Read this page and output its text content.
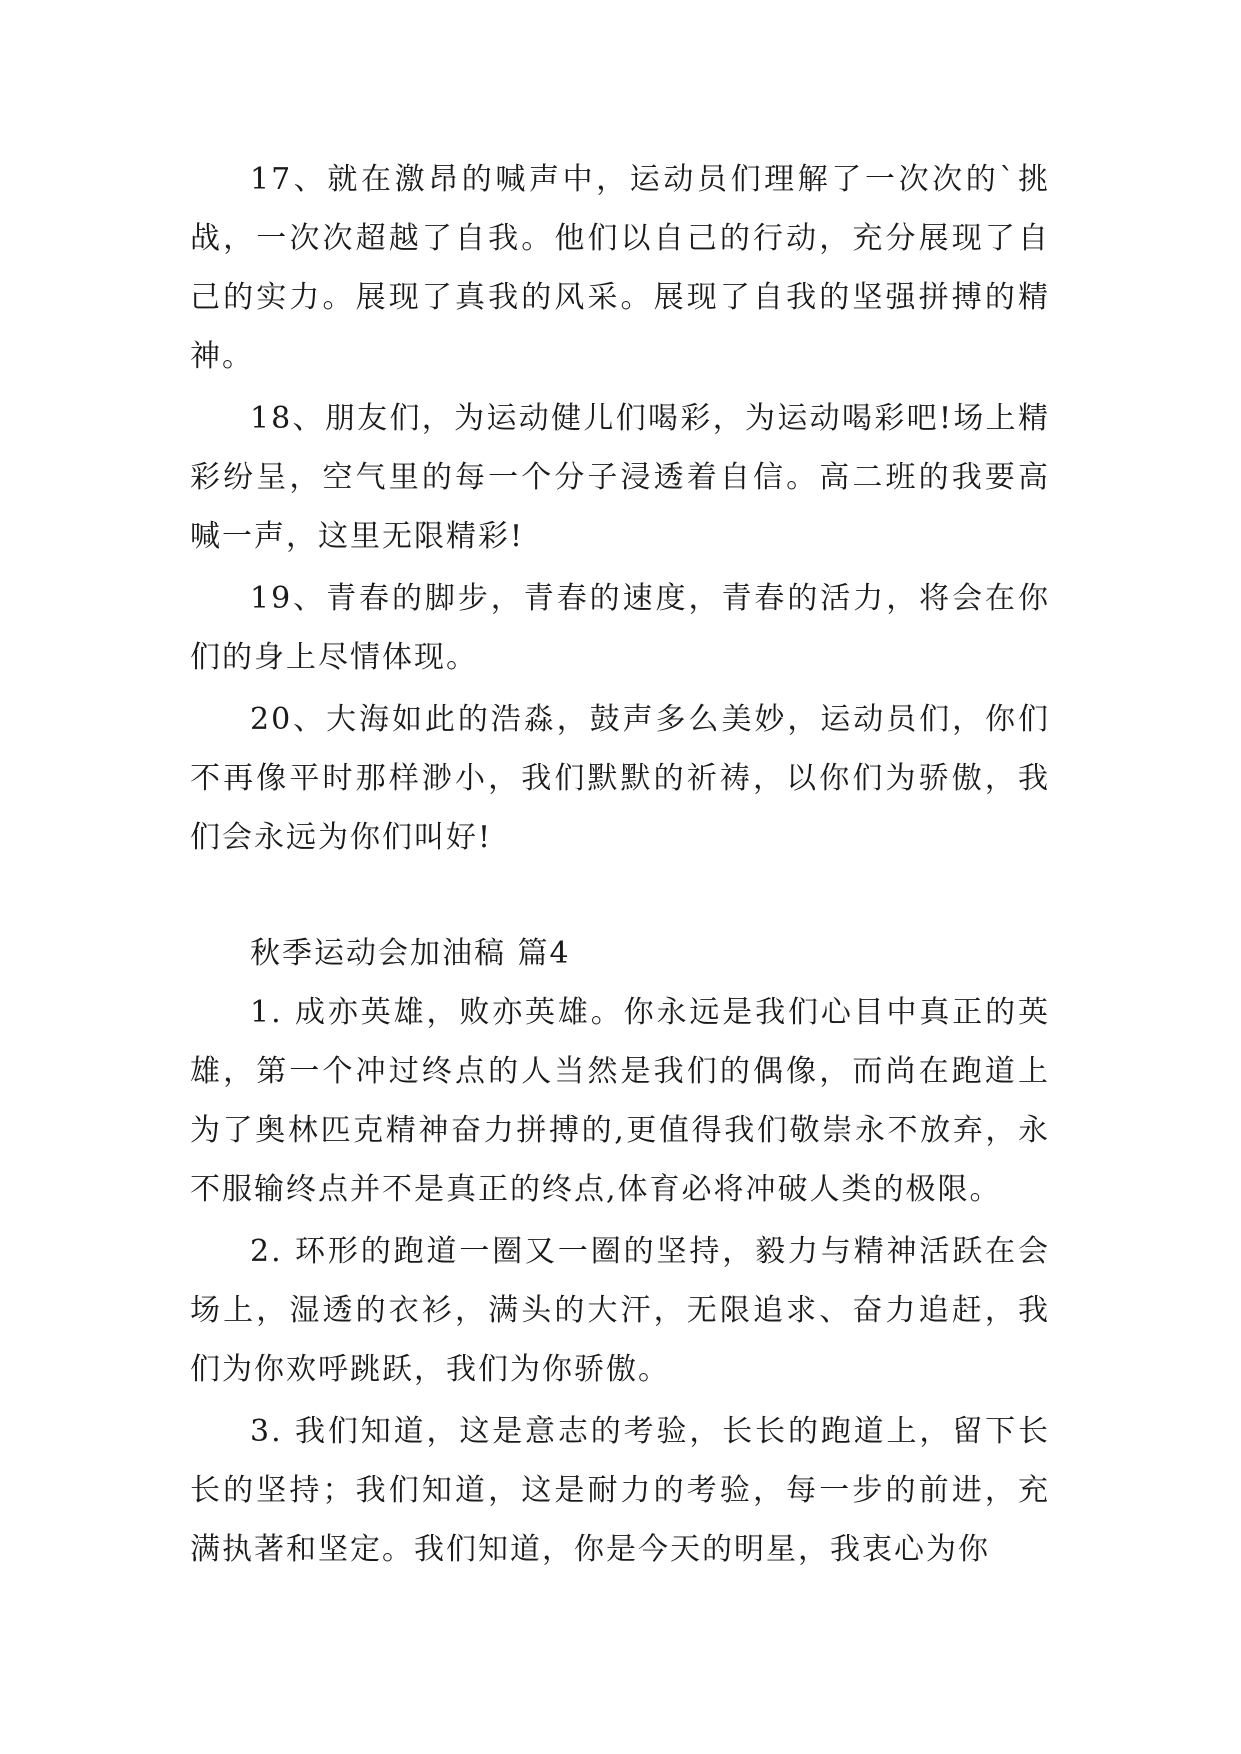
17、就在激昂的喊声中，运动员们理解了一次次的`挑战，一次次超越了自我。他们以自己的行动，充分展现了自己的实力。展现了真我的风采。展现了自我的坚强拼搏的精神。

18、朋友们，为运动健儿们喝彩，为运动喝彩吧!场上精彩纷呈，空气里的每一个分子浸透着自信。高二班的我要高喊一声，这里无限精彩!

19、青春的脚步，青春的速度，青春的活力，将会在你们的身上尽情体现。

20、大海如此的浩淼，鼓声多么美妙，运动员们，你们不再像平时那样渺小，我们默默的祈祷，以你们为骄傲，我们会永远为你们叫好!

秋季运动会加油稿 篇4

1. 成亦英雄，败亦英雄。你永远是我们心目中真正的英雄，第一个冲过终点的人当然是我们的偶像，而尚在跑道上为了奥林匹克精神奋力拼搏的,更值得我们敬崇永不放弃，永不服输终点并不是真正的终点,体育必将冲破人类的极限。

2. 环形的跑道一圈又一圈的坚持，毅力与精神活跃在会场上，湿透的衣衫，满头的大汗，无限追求、奋力追赶，我们为你欢呼跳跃，我们为你骄傲。

3. 我们知道，这是意志的考验，长长的跑道上，留下长长的坚持；我们知道，这是耐力的考验，每一步的前进，充满执著和坚定。我们知道，你是今天的明星，我衷心为你
